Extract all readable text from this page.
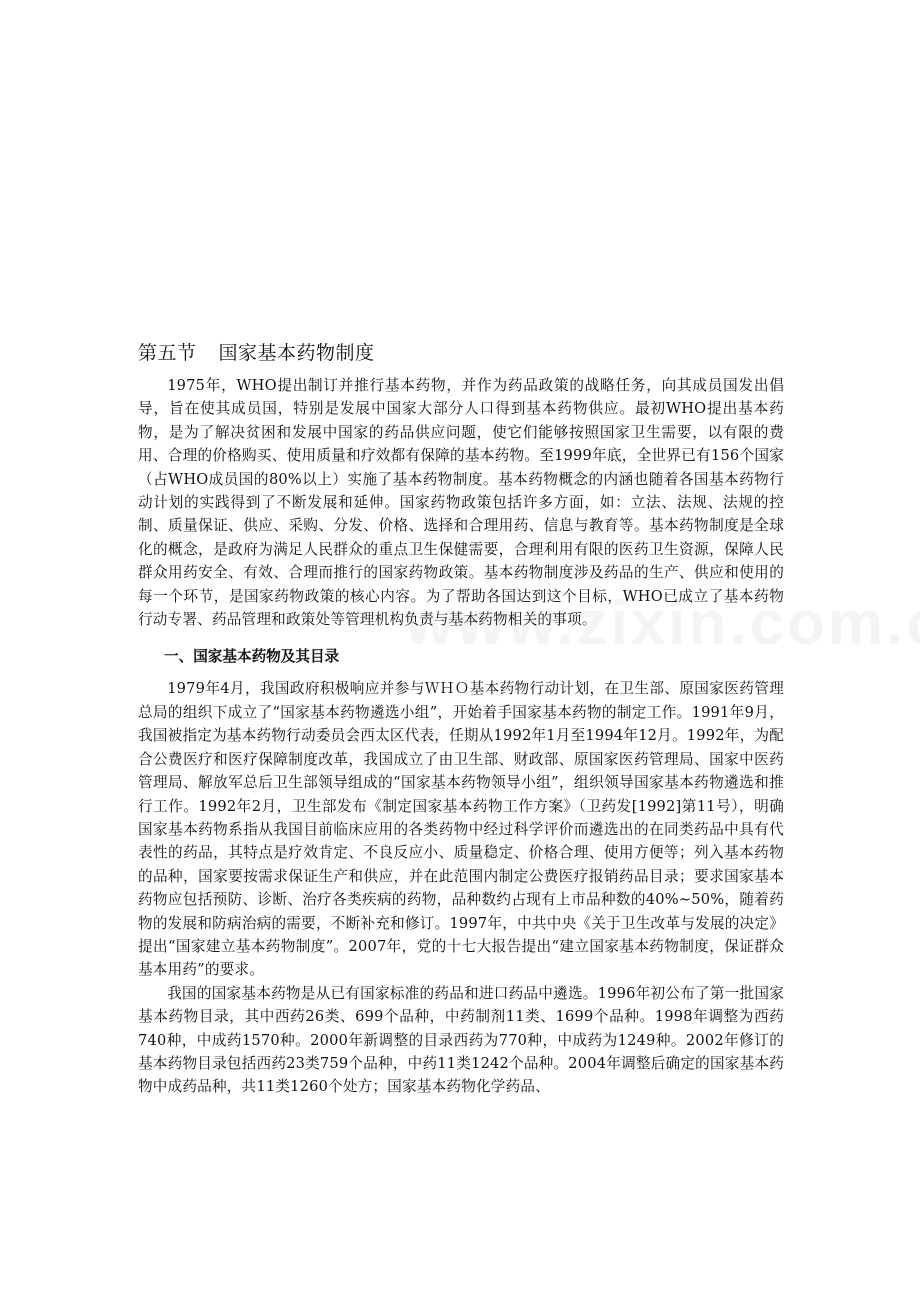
第五节 国家基本药物制度

1975年，WHO提出制订并推行基本药物，并作为药品政策的战略任务，向其成员国发出倡导，旨在使其成员国，特别是发展中国家大部分人口得到基本药物供应。最初WHO提出基本药物，是为了解决贫困和发展中国家的药品供应问题，使它们能够按照国家卫生需要，以有限的费用、合理的价格购买、使用质量和疗效都有保障的基本药物。至1999年底，全世界已有156个国家（占WHO成员国的80%以上）实施了基本药物制度。基本药物概念的内涵也随着各国基本药物行动计划的实践得到了不断发展和延伸。国家药物政策包括许多方面，如：立法、法规、法规的控制、质量保证、供应、采购、分发、价格、选择和合理用药、信息与教育等。基本药物制度是全球化的概念，是政府为满足人民群众的重点卫生保健需要，合理利用有限的医药卫生资源，保障人民群众用药安全、有效、合理而推行的国家药物政策。基本药物制度涉及药品的生产、供应和使用的每一个环节，是国家药物政策的核心内容。为了帮助各国达到这个目标，WHO已成立了基本药物行动专署、药品管理和政策处等管理机构负责与基本药物相关的事项。

一、国家基本药物及其目录

1979年4月，我国政府积极响应并参与ＷＨＯ基本药物行动计划，在卫生部、原国家医药管理总局的组织下成立了“国家基本药物遴选小组”，开始着手国家基本药物的制定工作。1991年9月，我国被指定为基本药物行动委员会西太区代表，任期从1992年1月至1994年12月。1992年，为配合公费医疗和医疗保障制度改革，我国成立了由卫生部、财政部、原国家医药管理局、国家中医药管理局、解放军总后卫生部领导组成的“国家基本药物领导小组”，组织领导国家基本药物遴选和推行工作。1992年2月，卫生部发布《制定国家基本药物工作方案》（卫药发[1992]第11号），明确国家基本药物系指从我国目前临床应用的各类药物中经过科学评价而遴选出的在同类药品中具有代表性的药品，其特点是疗效肯定、不良反应小、质量稳定、价格合理、使用方便等；列入基本药物的品种，国家要按需求保证生产和供应，并在此范围内制定公费医疗报销药品目录；要求国家基本药物应包括预防、诊断、治疗各类疾病的药物，品种数约占现有上市品种数的40%~50%，随着药物的发展和防病治病的需要，不断补充和修订。1997年，中共中央《关于卫生改革与发展的决定》提出“国家建立基本药物制度”。2007年，党的十七大报告提出“建立国家基本药物制度，保证群众基本用药”的要求。

我国的国家基本药物是从已有国家标准的药品和进口药品中遴选。1996年初公布了第一批国家基本药物目录，其中西药26类、699个品种，中药制剂11类、1699个品种。1998年调整为西药740种，中成药1570种。2000年新调整的目录西药为770种，中成药为1249种。2002年修订的基本药物目录包括西药23类759个品种，中药11类1242个品种。2004年调整后确定的国家基本药物中成药品种，共11类1260个处方；国家基本药物化学药品、
